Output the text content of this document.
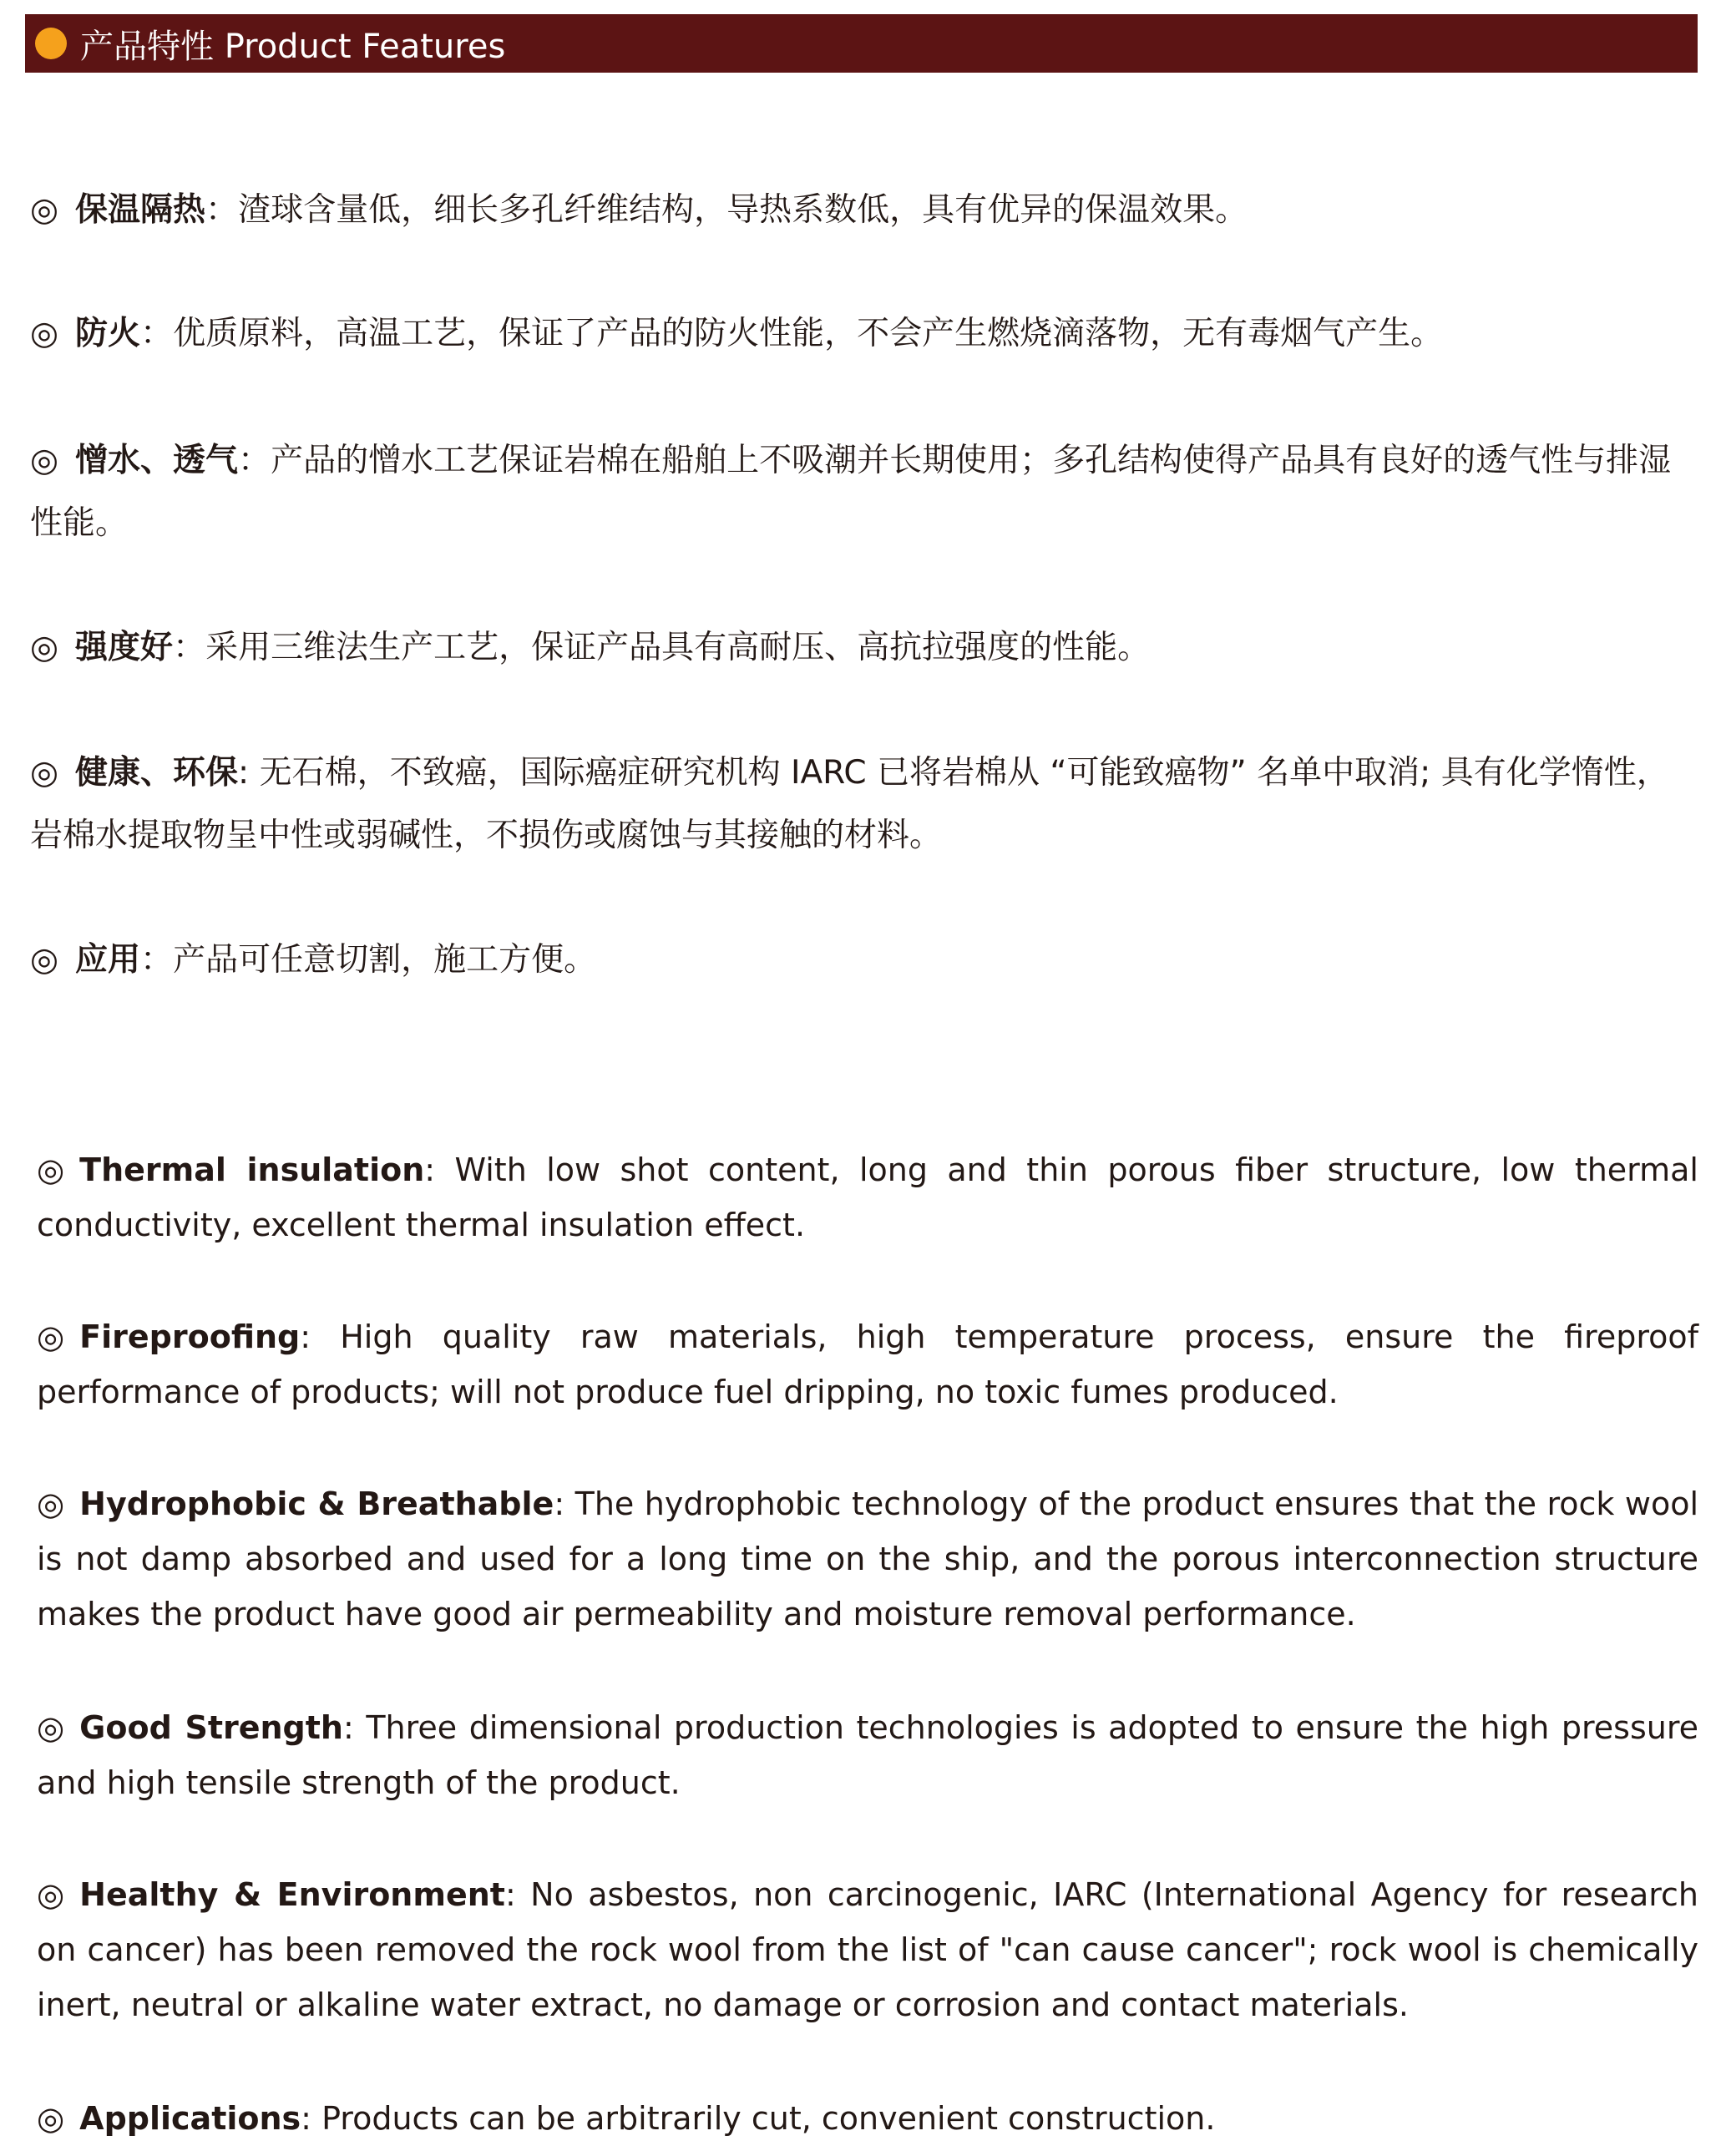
产品特性 Product Features
◎ 保温隔热：渣球含量低，细长多孔纤维结构，导热系数低，具有优异的保温效果。
◎ 防火：优质原料，高温工艺，保证了产品的防火性能，不会产生燃烧滴落物，无有毒烟气产生。
◎ 憎水、透气：产品的憎水工艺保证岩棉在船舶上不吸潮并长期使用；多孔结构使得产品具有良好的透气性与排湿性能。
◎ 强度好：采用三维法生产工艺，保证产品具有高耐压、高抗拉强度的性能。
◎ 健康、环保: 无石棉，不致癌，国际癌症研究机构 IARC 已将岩棉从 “可能致癌物” 名单中取消; 具有化学惰性，岩棉水提取物呈中性或弱碱性，不损伤或腐蚀与其接触的材料。
◎ 应用：产品可任意切割，施工方便。
◎ Thermal insulation: With low shot content, long and thin porous fiber structure, low thermal conductivity, excellent thermal insulation effect.
◎ Fireproofing: High quality raw materials, high temperature process, ensure the fireproof performance of products; will not produce fuel dripping, no toxic fumes produced.
◎ Hydrophobic & Breathable: The hydrophobic technology of the product ensures that the rock wool is not damp absorbed and used for a long time on the ship, and the porous interconnection structure makes the product have good air permeability and moisture removal performance.
◎ Good Strength: Three dimensional production technologies is adopted to ensure the high pressure and high tensile strength of the product.
◎ Healthy & Environment: No asbestos, non carcinogenic, IARC (International Agency for research on cancer) has been removed the rock wool from the list of "can cause cancer"; rock wool is chemically inert, neutral or alkaline water extract, no damage or corrosion and contact materials.
◎ Applications: Products can be arbitrarily cut, convenient construction.
